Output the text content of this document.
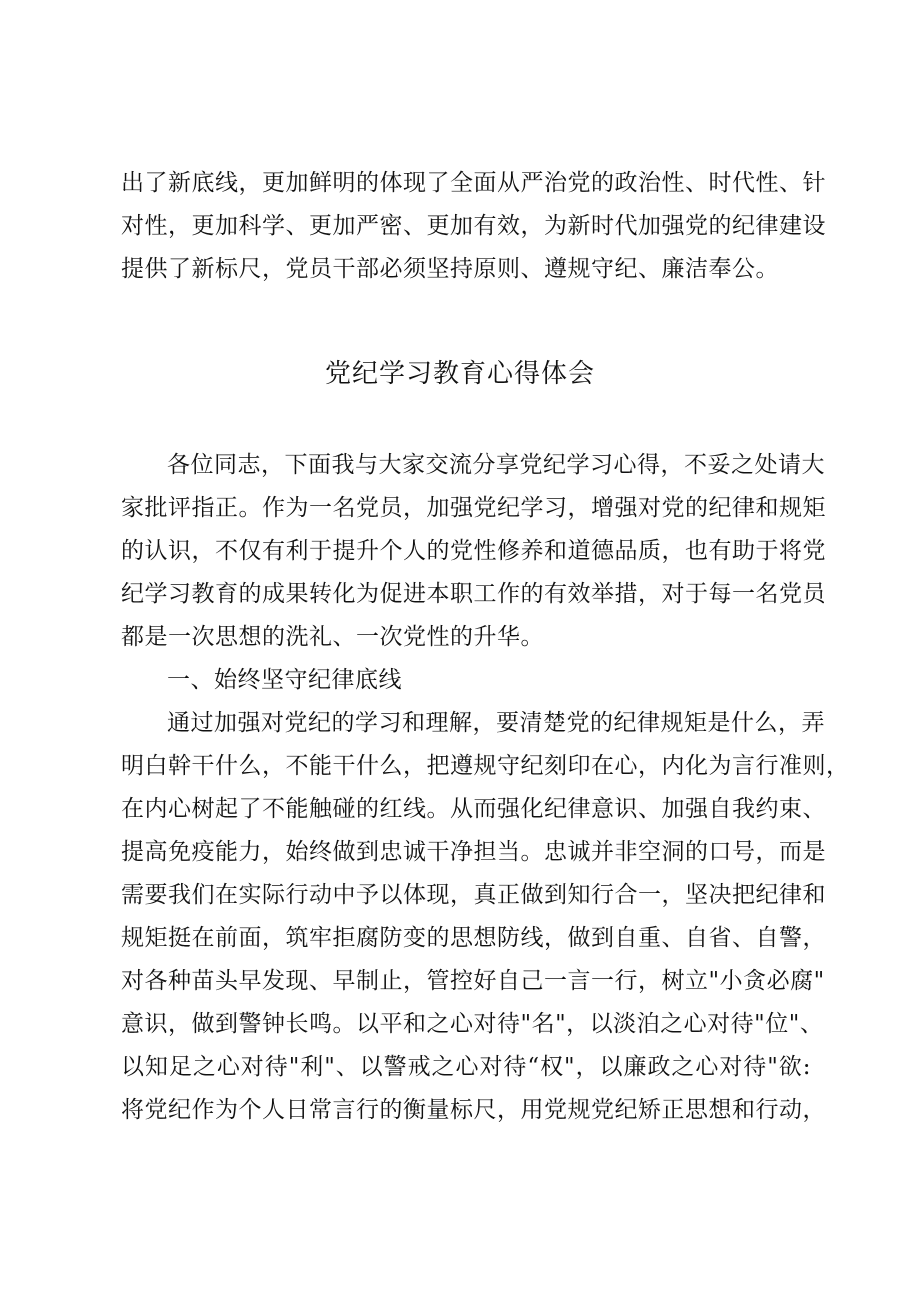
出了新底线，更加鲜明的体现了全面从严治党的政治性、时代性、针
对性，更加科学、更加严密、更加有效，为新时代加强党的纪律建设
提供了新标尺，党员干部必须坚持原则、遵规守纪、廉洁奉公。
党纪学习教育心得体会
各位同志，下面我与大家交流分享党纪学习心得，不妥之处请大
家批评指正。作为一名党员，加强党纪学习，增强对党的纪律和规矩
的认识，不仅有利于提升个人的党性修养和道德品质，也有助于将党
纪学习教育的成果转化为促进本职工作的有效举措，对于每一名党员
都是一次思想的洗礼、一次党性的升华。
一、始终坚守纪律底线
通过加强对党纪的学习和理解，要清楚党的纪律规矩是什么，弄
明白幹干什么，不能干什么，把遵规守纪刻印在心，内化为言行准则，
在内心树起了不能触碰的红线。从而强化纪律意识、加强自我约束、
提高免疫能力，始终做到忠诚干净担当。忠诚并非空洞的口号，而是
需要我们在实际行动中予以体现，真正做到知行合一，坚决把纪律和
规矩挺在前面，筑牢拒腐防变的思想防线，做到自重、自省、自警，
对各种苗头早发现、早制止，管控好自己一言一行，树立"小贪必腐"
意识，做到警钟长鸣。以平和之心对待"名"，以淡泊之心对待"位"、
以知足之心对待"利"、以警戒之心对待“权"，以廉政之心对待"欲:
将党纪作为个人日常言行的衡量标尺，用党规党纪矫正思想和行动，
